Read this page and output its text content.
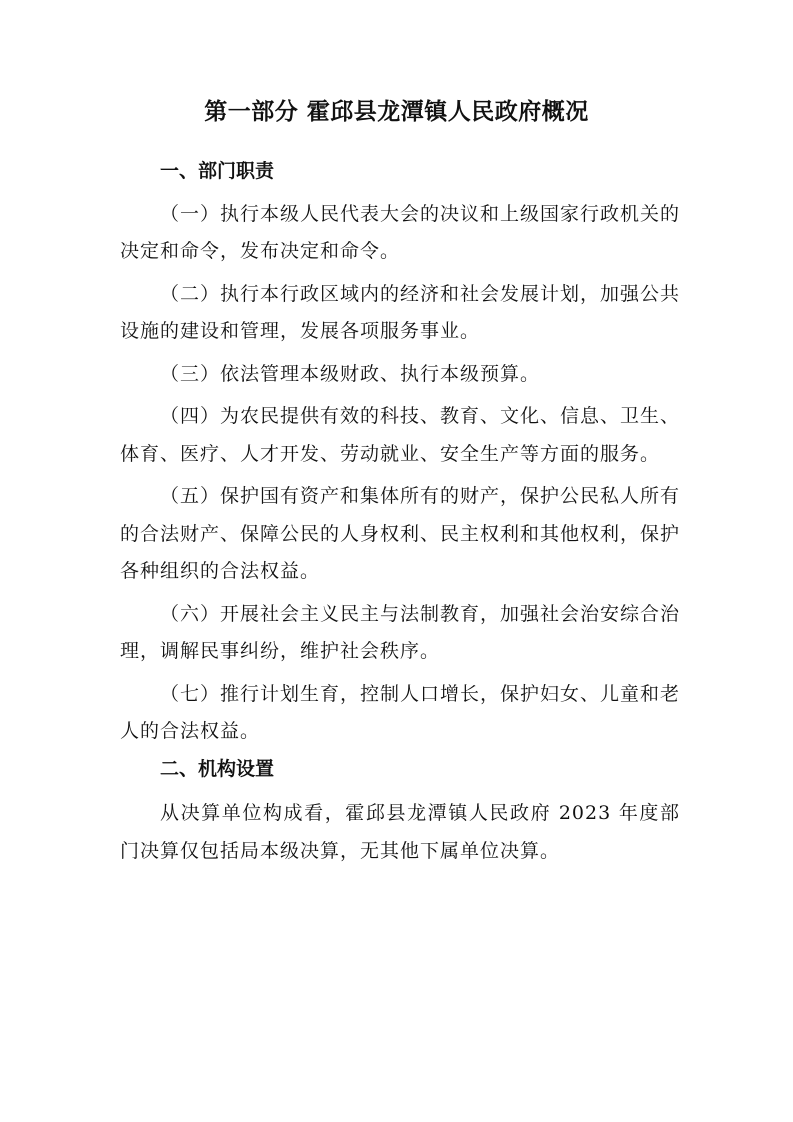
第一部分 霍邱县龙潭镇人民政府概况
一、部门职责

（一）执行本级人民代表大会的决议和上级国家行政机关的决定和命令，发布决定和命令。

（二）执行本行政区域内的经济和社会发展计划，加强公共设施的建设和管理，发展各项服务事业。

（三）依法管理本级财政、执行本级预算。

（四）为农民提供有效的科技、教育、文化、信息、卫生、体育、医疗、人才开发、劳动就业、安全生产等方面的服务。

（五）保护国有资产和集体所有的财产，保护公民私人所有的合法财产、保障公民的人身权利、民主权利和其他权利，保护各种组织的合法权益。

（六）开展社会主义民主与法制教育，加强社会治安综合治理，调解民事纠纷，维护社会秩序。

（七）推行计划生育，控制人口增长，保护妇女、儿童和老人的合法权益。

二、机构设置

从决算单位构成看，霍邱县龙潭镇人民政府 2023 年度部门决算仅包括局本级决算，无其他下属单位决算。
